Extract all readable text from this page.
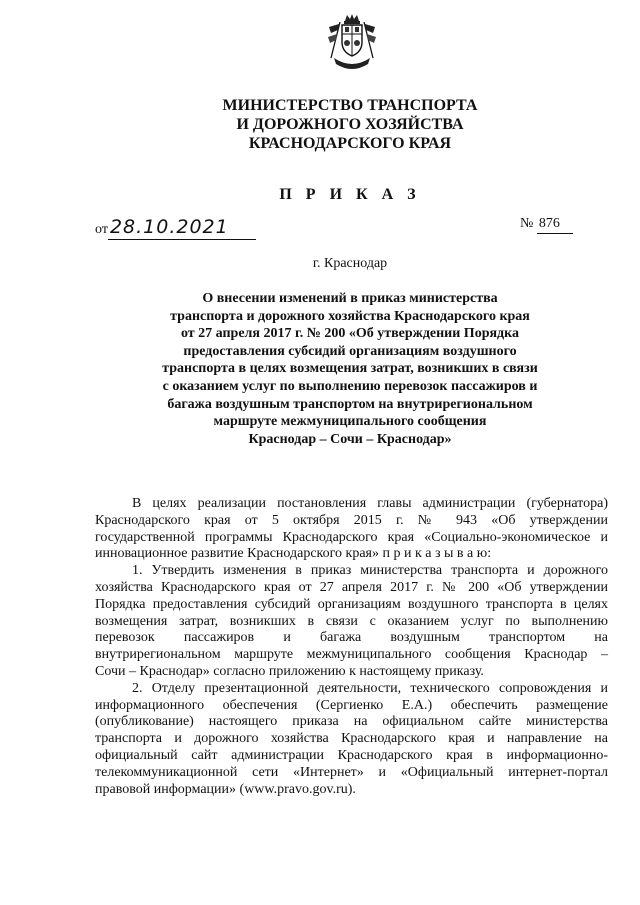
МИНИСТЕРСТВО ТРАНСПОРТА
И ДОРОЖНОГО ХОЗЯЙСТВА
КРАСНОДАРСКОГО КРАЯ
П Р И К А З
от 28.10.2021	№ 876
г. Краснодар
О внесении изменений в приказ министерства
транспорта и дорожного хозяйства Краснодарского края
от 27 апреля 2017 г. № 200 «Об утверждении Порядка
предоставления субсидий организациям воздушного
транспорта в целях возмещения затрат, возникших в связи
с оказанием услуг по выполнению перевозок пассажиров и
багажа воздушным транспортом на внутрирегиональном
маршруте межмуниципального сообщения
Краснодар – Сочи – Краснодар»
В целях реализации постановления главы администрации (губернатора)
Краснодарского края от 5 октября 2015 г. № 943 «Об утверждении
государственной программы Краснодарского края «Социально-экономическое и
инновационное развитие Краснодарского края» п р и к а з ы в а ю:
1. Утвердить изменения в приказ министерства транспорта и дорожного
хозяйства Краснодарского края от 27 апреля 2017 г. № 200 «Об утверждении
Порядка предоставления субсидий организациям воздушного транспорта в целях
возмещения затрат, возникших в связи с оказанием услуг по выполнению
перевозок пассажиров и багажа воздушным транспортом на
внутрирегиональном маршруте межмуниципального сообщения Краснодар –
Сочи – Краснодар» согласно приложению к настоящему приказу.
2. Отделу презентационной деятельности, технического сопровождения и
информационного обеспечения (Сергиенко Е.А.) обеспечить размещение
(опубликование) настоящего приказа на официальном сайте министерства
транспорта и дорожного хозяйства Краснодарского края и направление на
официальный сайт администрации Краснодарского края в информационно-
телекоммуникационной сети «Интернет» и «Официальный интернет-портал
правовой информации» (www.pravo.gov.ru).
